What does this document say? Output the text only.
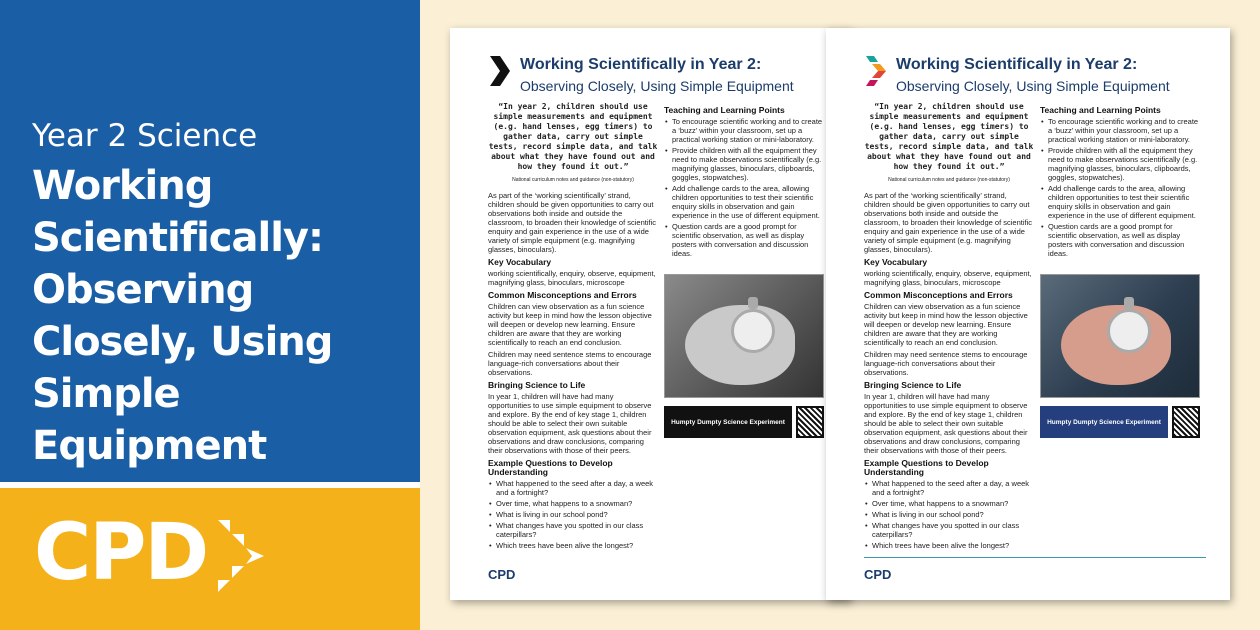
Year 2 Science
Working Scientifically: Observing Closely, Using Simple Equipment
CPD
Working Scientifically in Year 2:
Observing Closely, Using Simple Equipment
“In year 2, children should use simple measurements and equipment (e.g. hand lenses, egg timers) to gather data, carry out simple tests, record simple data, and talk about what they have found out and how they found it out.”
National curriculum notes and guidance (non-statutory)
As part of the ‘working scientifically’ strand, children should be given opportunities to carry out observations both inside and outside the classroom, to broaden their knowledge of scientific enquiry and gain experience in the use of a wide variety of simple equipment (e.g. magnifying glasses, binoculars).
Key Vocabulary
working scientifically, enquiry, observe, equipment, magnifying glass, binoculars, microscope
Common Misconceptions and Errors
Children can view observation as a fun science activity but keep in mind how the lesson objective will deepen or develop new learning. Ensure children are aware that they are working scientifically to reach an end conclusion.
Children may need sentence stems to encourage language-rich conversations about their observations.
Bringing Science to Life
In year 1, children will have had many opportunities to use simple equipment to observe and explore. By the end of key stage 1, children should be able to select their own suitable observation equipment, ask questions about their observations and draw conclusions, comparing their observations with those of their peers.
Example Questions to Develop Understanding
• What happened to the seed after a day, a week and a fortnight?
• Over time, what happens to a snowman?
• What is living in our school pond?
• What changes have you spotted in our class caterpillars?
• Which trees have been alive the longest?
Teaching and Learning Points
• To encourage scientific working and to create a ‘buzz’ within your classroom, set up a practical working station or mini-laboratory.
• Provide children with all the equipment they need to make observations scientifically (e.g. magnifying glasses, binoculars, clipboards, goggles, stopwatches).
• Add challenge cards to the area, allowing children opportunities to test their scientific enquiry skills in observation and gain experience in the use of different equipment.
• Question cards are a good prompt for scientific observation, as well as display posters with conversation and discussion ideas.
Humpty Dumpty Science Experiment
CPD
Working Scientifically in Year 2:
Observing Closely, Using Simple Equipment
“In year 2, children should use simple measurements and equipment (e.g. hand lenses, egg timers) to gather data, carry out simple tests, record simple data, and talk about what they have found out and how they found it out.”
National curriculum notes and guidance (non-statutory)
As part of the ‘working scientifically’ strand, children should be given opportunities to carry out observations both inside and outside the classroom, to broaden their knowledge of scientific enquiry and gain experience in the use of a wide variety of simple equipment (e.g. magnifying glasses, binoculars).
Key Vocabulary
working scientifically, enquiry, observe, equipment, magnifying glass, binoculars, microscope
Common Misconceptions and Errors
Children can view observation as a fun science activity but keep in mind how the lesson objective will deepen or develop new learning. Ensure children are aware that they are working scientifically to reach an end conclusion.
Children may need sentence stems to encourage language-rich conversations about their observations.
Bringing Science to Life
In year 1, children will have had many opportunities to use simple equipment to observe and explore. By the end of key stage 1, children should be able to select their own suitable observation equipment, ask questions about their observations and draw conclusions, comparing their observations with those of their peers.
Example Questions to Develop Understanding
• What happened to the seed after a day, a week and a fortnight?
• Over time, what happens to a snowman?
• What is living in our school pond?
• What changes have you spotted in our class caterpillars?
• Which trees have been alive the longest?
Teaching and Learning Points
• To encourage scientific working and to create a ‘buzz’ within your classroom, set up a practical working station or mini-laboratory.
• Provide children with all the equipment they need to make observations scientifically (e.g. magnifying glasses, binoculars, clipboards, goggles, stopwatches).
• Add challenge cards to the area, allowing children opportunities to test their scientific enquiry skills in observation and gain experience in the use of different equipment.
• Question cards are a good prompt for scientific observation, as well as display posters with conversation and discussion ideas.
Humpty Dumpty Science Experiment
CPD
